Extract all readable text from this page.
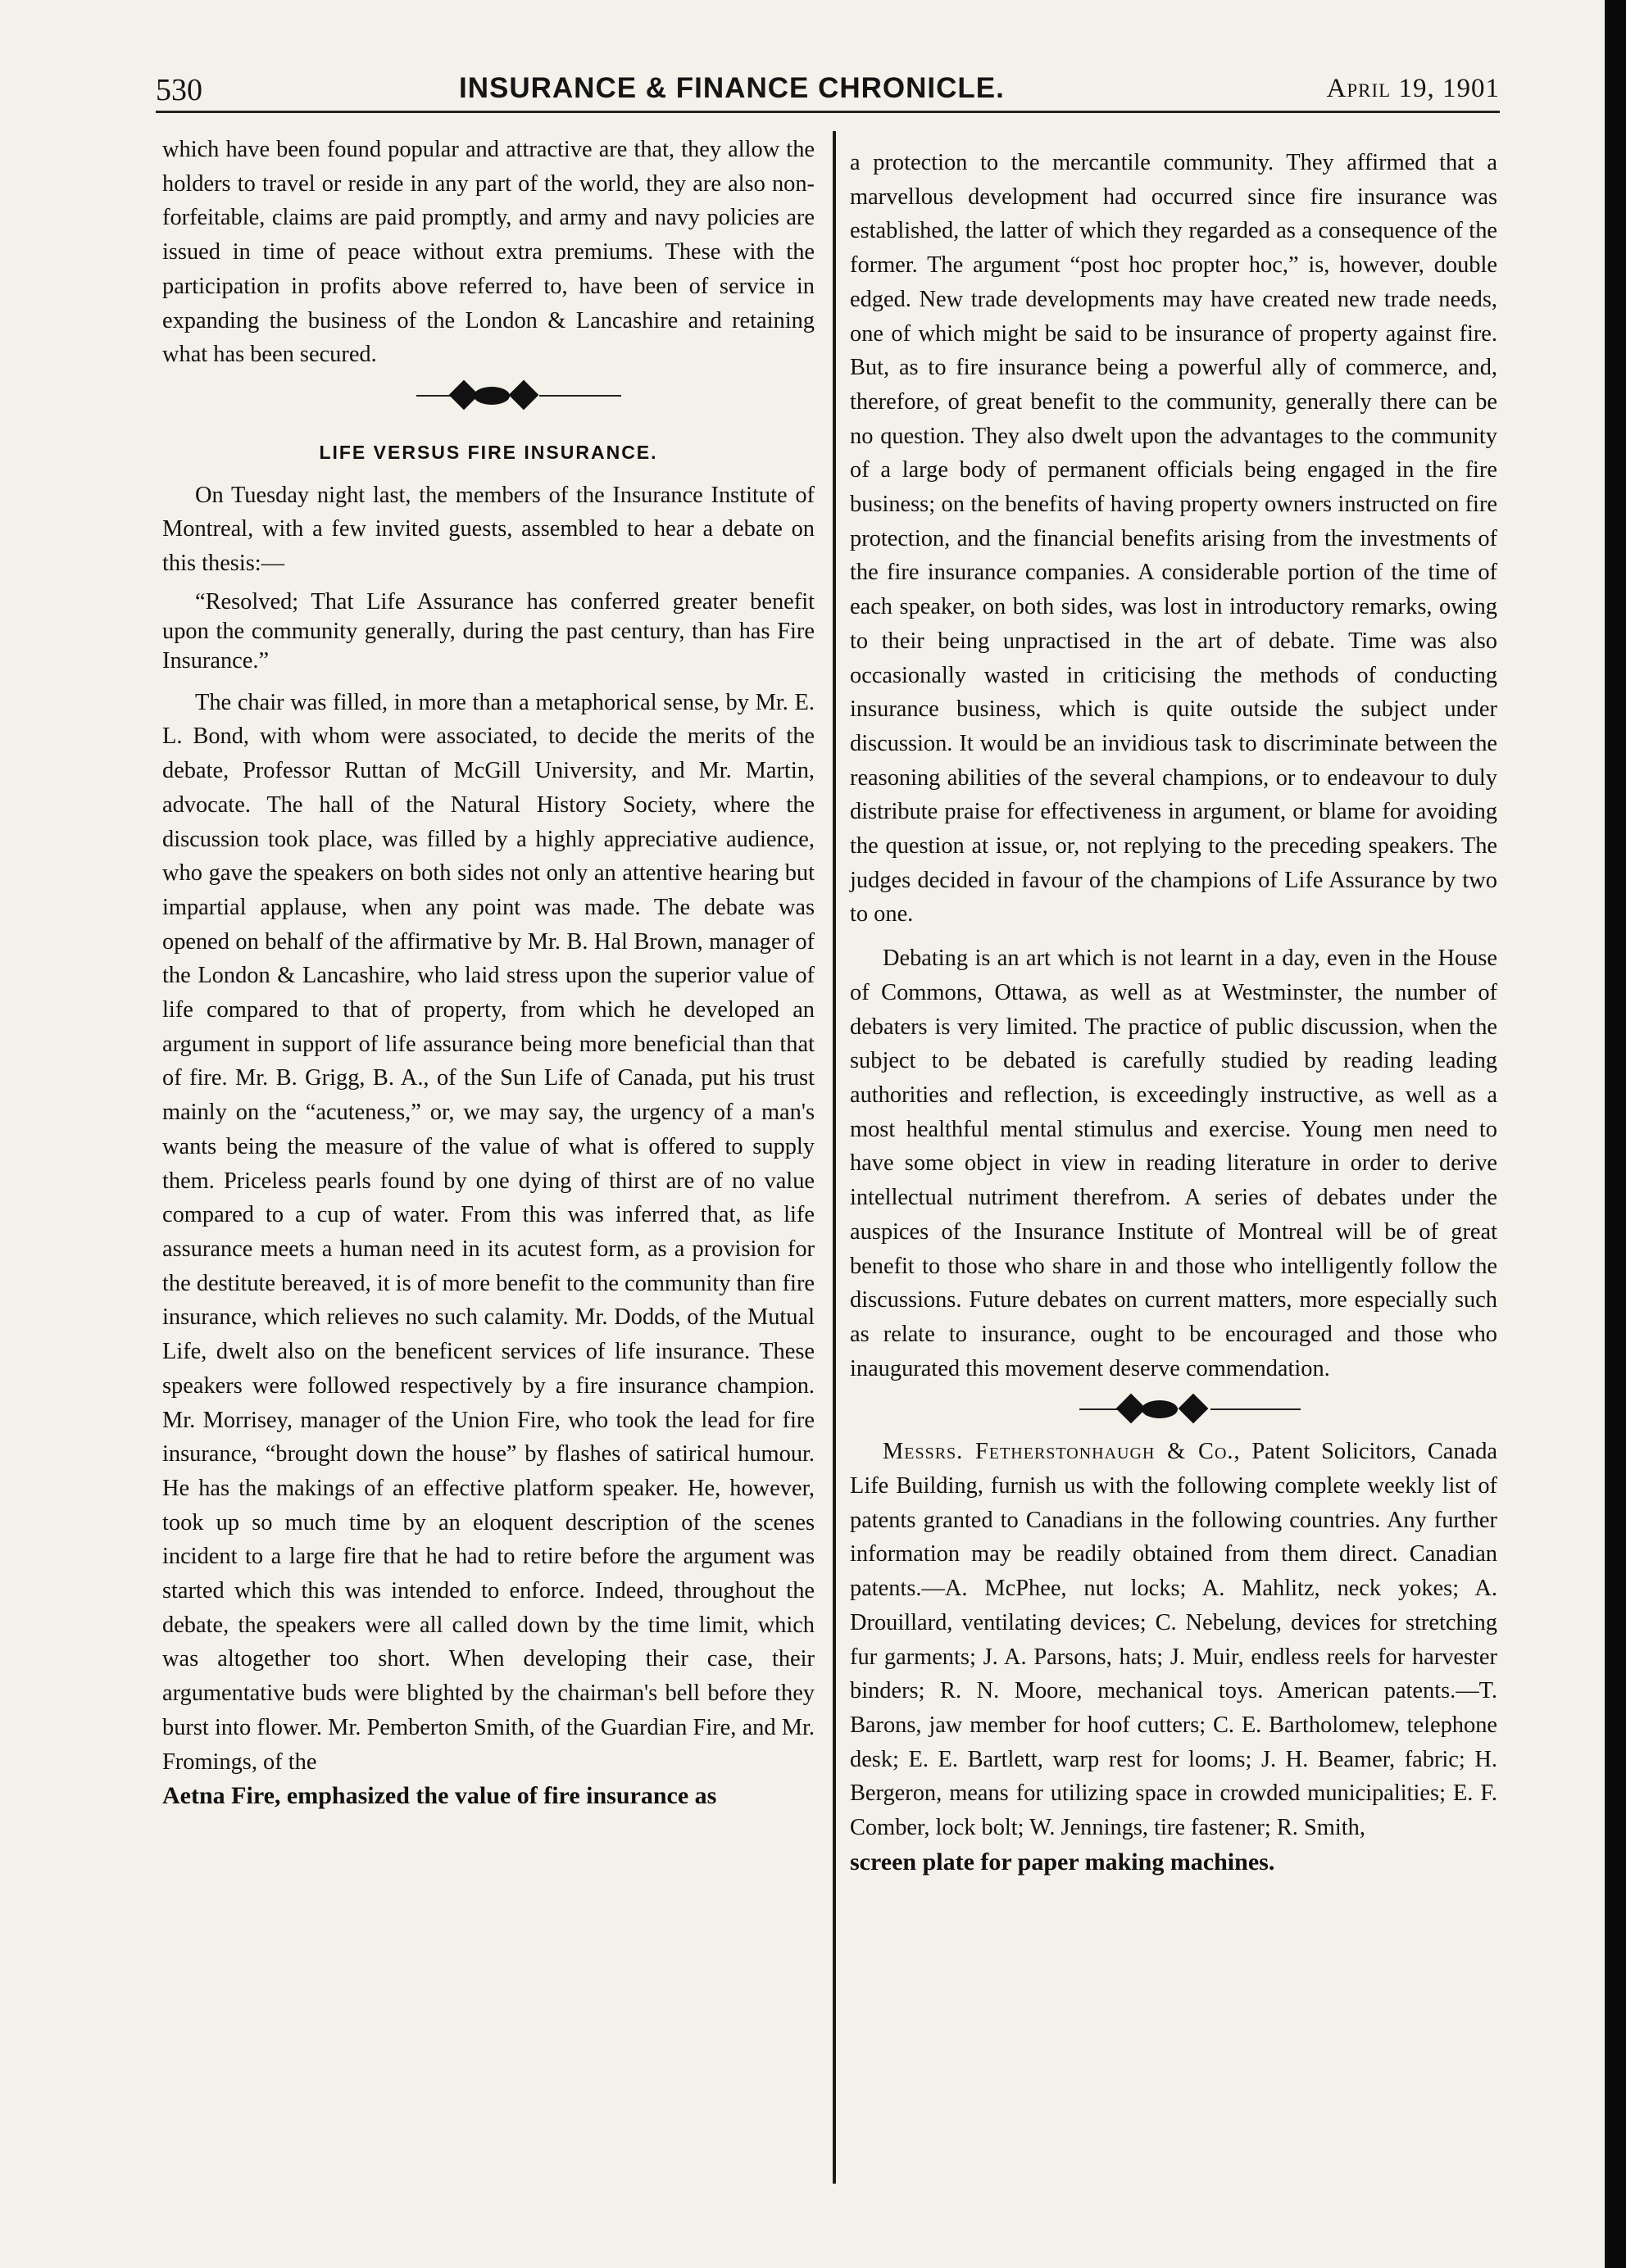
530	INSURANCE & FINANCE CHRONICLE.	April 19, 1901

which have been found popular and attractive are that, they allow the holders to travel or reside in any part of the world, they are also non-forfeitable, claims are paid promptly, and army and navy policies are issued in time of peace without extra premiums. These with the participation in profits above referred to, have been of service in expanding the business of the London & Lancashire and retaining what has been secured.

LIFE VERSUS FIRE INSURANCE.

On Tuesday night last, the members of the Insurance Institute of Montreal, with a few invited guests, assembled to hear a debate on this thesis:—

“Resolved; That Life Assurance has conferred greater benefit upon the community generally, during the past century, than has Fire Insurance.”

The chair was filled, in more than a metaphorical sense, by Mr. E. L. Bond, with whom were associated, to decide the merits of the debate, Professor Ruttan of McGill University, and Mr. Martin, advocate. The hall of the Natural History Society, where the discussion took place, was filled by a highly appreciative audience, who gave the speakers on both sides not only an attentive hearing but impartial applause, when any point was made. The debate was opened on behalf of the affirmative by Mr. B. Hal Brown, manager of the London & Lancashire, who laid stress upon the superior value of life compared to that of property, from which he developed an argument in support of life assurance being more beneficial than that of fire. Mr. B. Grigg, B. A., of the Sun Life of Canada, put his trust mainly on the “acuteness,” or, we may say, the urgency of a man's wants being the measure of the value of what is offered to supply them. Priceless pearls found by one dying of thirst are of no value compared to a cup of water. From this was inferred that, as life assurance meets a human need in its acutest form, as a provision for the destitute bereaved, it is of more benefit to the community than fire insurance, which relieves no such calamity. Mr. Dodds, of the Mutual Life, dwelt also on the beneficent services of life insurance. These speakers were followed respectively by a fire insurance champion. Mr. Morrisey, manager of the Union Fire, who took the lead for fire insurance, “brought down the house” by flashes of satirical humour. He has the makings of an effective platform speaker. He, however, took up so much time by an eloquent description of the scenes incident to a large fire that he had to retire before the argument was started which this was intended to enforce. Indeed, throughout the debate, the speakers were all called down by the time limit, which was altogether too short. When developing their case, their argumentative buds were blighted by the chairman's bell before they burst into flower. Mr. Pemberton Smith, of the Guardian Fire, and Mr. Fromings, of the

Aetna Fire, emphasized the value of fire insurance as

a protection to the mercantile community. They affirmed that a marvellous development had occurred since fire insurance was established, the latter of which they regarded as a consequence of the former. The argument “post hoc propter hoc,” is, however, double edged. New trade developments may have created new trade needs, one of which might be said to be insurance of property against fire. But, as to fire insurance being a powerful ally of commerce, and, therefore, of great benefit to the community, generally there can be no question. They also dwelt upon the advantages to the community of a large body of permanent officials being engaged in the fire business; on the benefits of having property owners instructed on fire protection, and the financial benefits arising from the investments of the fire insurance companies. A considerable portion of the time of each speaker, on both sides, was lost in introductory remarks, owing to their being unpractised in the art of debate. Time was also occasionally wasted in criticising the methods of conducting insurance business, which is quite outside the subject under discussion. It would be an invidious task to discriminate between the reasoning abilities of the several champions, or to endeavour to duly distribute praise for effectiveness in argument, or blame for avoiding the question at issue, or, not replying to the preceding speakers. The judges decided in favour of the champions of Life Assurance by two to one.

Debating is an art which is not learnt in a day, even in the House of Commons, Ottawa, as well as at Westminster, the number of debaters is very limited. The practice of public discussion, when the subject to be debated is carefully studied by reading leading authorities and reflection, is exceedingly instructive, as well as a most healthful mental stimulus and exercise. Young men need to have some object in view in reading literature in order to derive intellectual nutriment therefrom. A series of debates under the auspices of the Insurance Institute of Montreal will be of great benefit to those who share in and those who intelligently follow the discussions. Future debates on current matters, more especially such as relate to insurance, ought to be encouraged and those who inaugurated this movement deserve commendation.

Messrs. Fetherstonhaugh & Co., Patent Solicitors, Canada Life Building, furnish us with the following complete weekly list of patents granted to Canadians in the following countries. Any further information may be readily obtained from them direct. Canadian patents.—A. McPhee, nut locks; A. Mahlitz, neck yokes; A. Drouillard, ventilating devices; C. Nebelung, devices for stretching fur garments; J. A. Parsons, hats; J. Muir, endless reels for harvester binders; R. N. Moore, mechanical toys. American patents.—T. Barons, jaw member for hoof cutters; C. E. Bartholomew, telephone desk; E. E. Bartlett, warp rest for looms; J. H. Beamer, fabric; H. Bergeron, means for utilizing space in crowded municipalities; E. F. Comber, lock bolt; W. Jennings, tire fastener; R. Smith,

screen plate for paper making machines.
